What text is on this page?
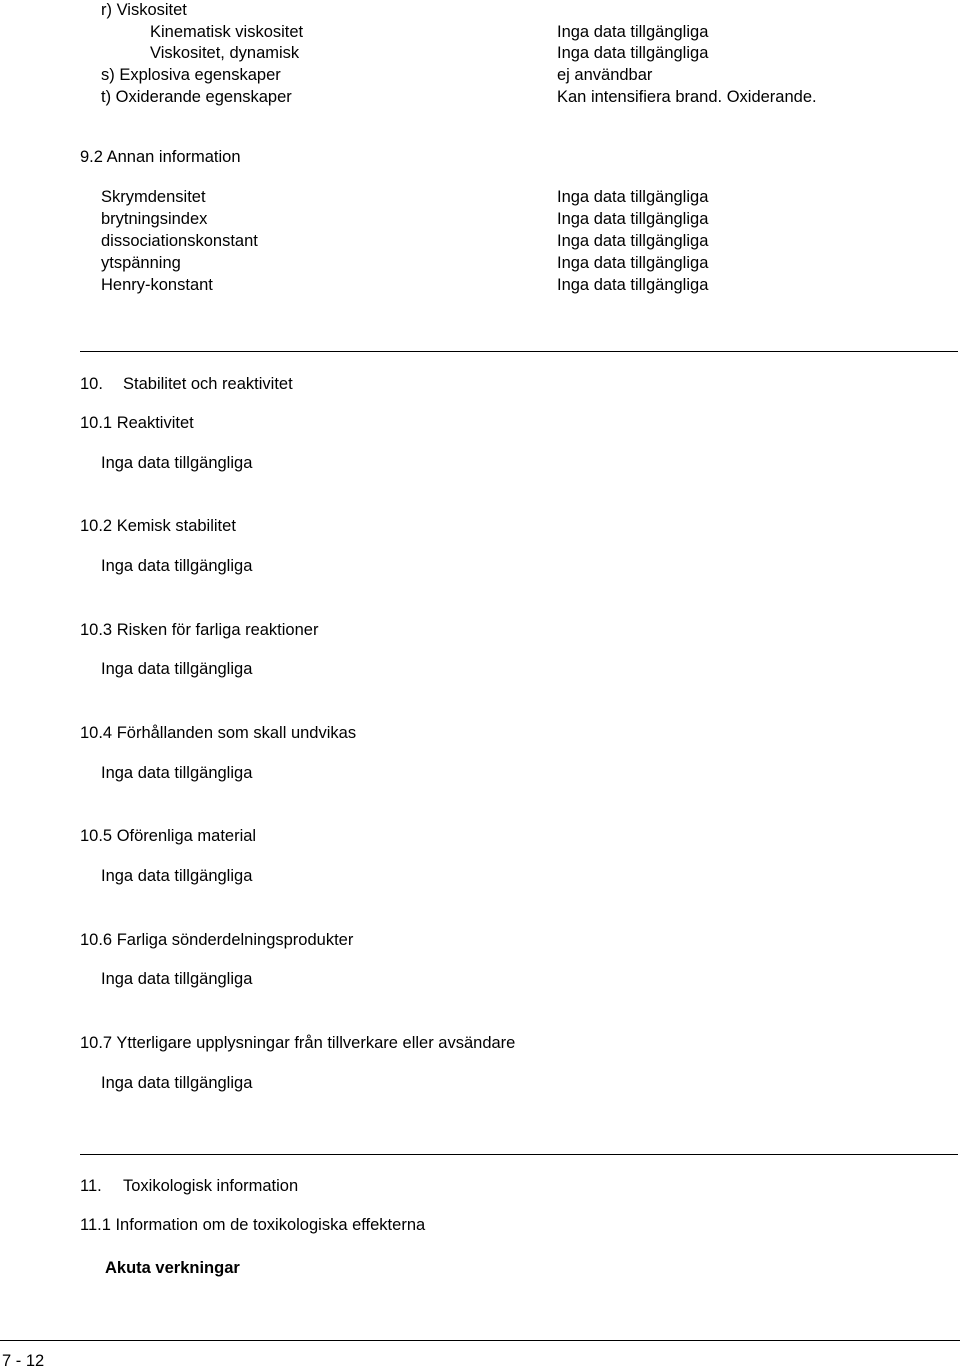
r) Viskositet
Kinematisk viskositet	Inga data tillgängliga
Viskositet, dynamisk	Inga data tillgängliga
s) Explosiva egenskaper	ej användbar
t) Oxiderande egenskaper	Kan intensifiera brand. Oxiderande.
9.2 Annan information
Skrymdensitet	Inga data tillgängliga
brytningsindex	Inga data tillgängliga
dissociationskonstant	Inga data tillgängliga
ytspänning	Inga data tillgängliga
Henry-konstant	Inga data tillgängliga
10. Stabilitet och reaktivitet
10.1 Reaktivitet
Inga data tillgängliga
10.2 Kemisk stabilitet
Inga data tillgängliga
10.3 Risken för farliga reaktioner
Inga data tillgängliga
10.4 Förhållanden som skall undvikas
Inga data tillgängliga
10.5 Oförenliga material
Inga data tillgängliga
10.6 Farliga sönderdelningsprodukter
Inga data tillgängliga
10.7 Ytterligare upplysningar från tillverkare eller avsändare
Inga data tillgängliga
11. Toxikologisk information
11.1 Information om de toxikologiska effekterna
Akuta verkningar
7 - 12
